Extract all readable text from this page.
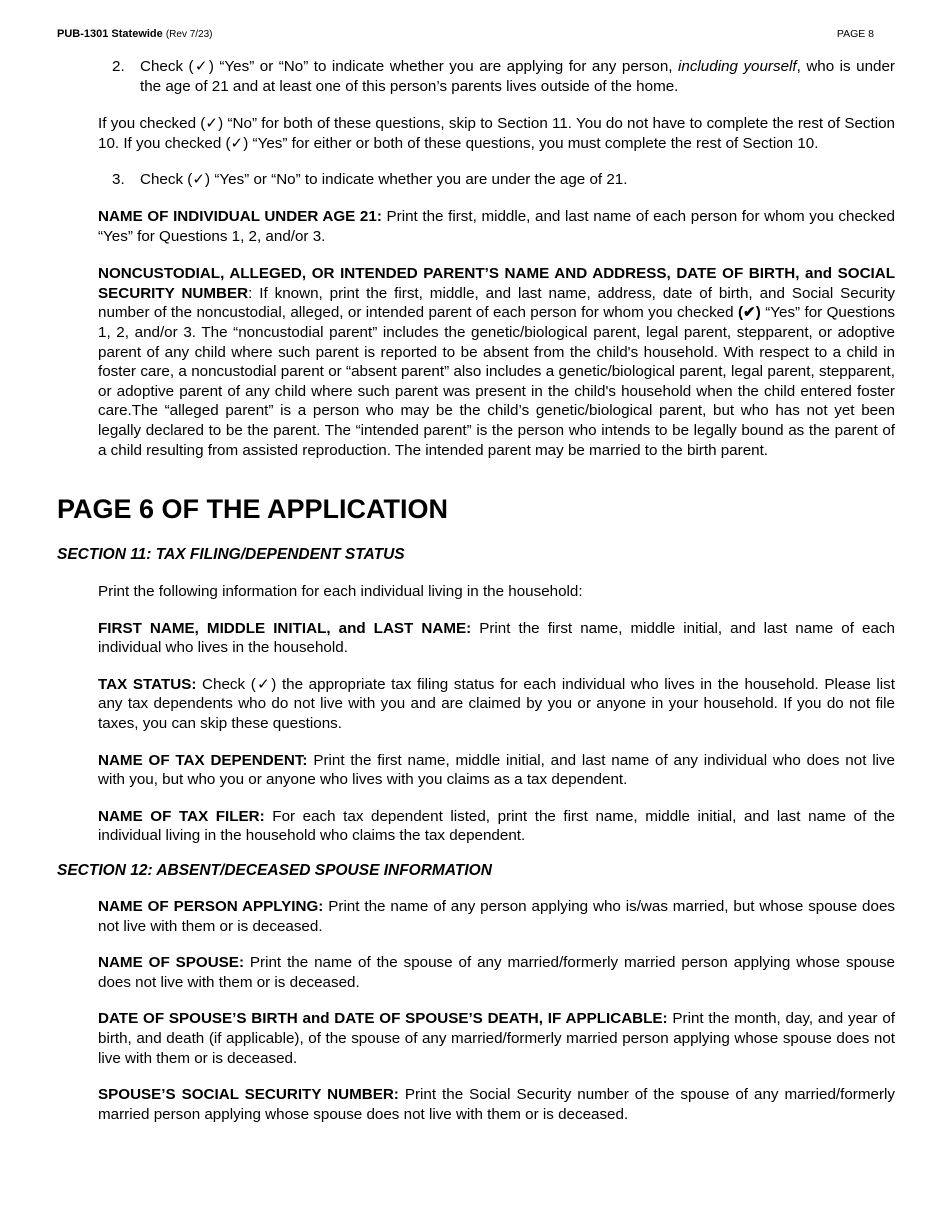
PUB-1301 Statewide (Rev 7/23)	PAGE 8
2.	Check (✓) “Yes” or “No” to indicate whether you are applying for any person, including yourself, who is under the age of 21 and at least one of this person’s parents lives outside of the home.

If you checked (✓) “No” for both of these questions, skip to Section 11. You do not have to complete the rest of Section 10. If you checked (✓) “Yes” for either or both of these questions, you must complete the rest of Section 10.

3.	Check (✓) “Yes” or “No” to indicate whether you are under the age of 21.

NAME OF INDIVIDUAL UNDER AGE 21: Print the first, middle, and last name of each person for whom you checked “Yes” for Questions 1, 2, and/or 3.

NONCUSTODIAL, ALLEGED, OR INTENDED PARENT’S NAME AND ADDRESS, DATE OF BIRTH, and SOCIAL SECURITY NUMBER: If known, print the first, middle, and last name, address, date of birth, and Social Security number of the noncustodial, alleged, or intended parent of each person for whom you checked (✔) “Yes” for Questions 1, 2, and/or 3. The “noncustodial parent” includes the genetic/biological parent, legal parent, stepparent, or adoptive parent of any child where such parent is reported to be absent from the child's household. With respect to a child in foster care, a noncustodial parent or “absent parent” also includes a genetic/biological parent, legal parent, stepparent, or adoptive parent of any child where such parent was present in the child's household when the child entered foster care.The “alleged parent” is a person who may be the child’s genetic/biological parent, but who has not yet been legally declared to be the parent. The “intended parent” is the person who intends to be legally bound as the parent of a child resulting from assisted reproduction. The intended parent may be married to the birth parent.

PAGE 6 OF THE APPLICATION
SECTION 11: TAX FILING/DEPENDENT STATUS

Print the following information for each individual living in the household:

FIRST NAME, MIDDLE INITIAL, and LAST NAME: Print the first name, middle initial, and last name of each individual who lives in the household.

TAX STATUS: Check (✓) the appropriate tax filing status for each individual who lives in the household. Please list any tax dependents who do not live with you and are claimed by you or anyone in your household. If you do not file taxes, you can skip these questions.

NAME OF TAX DEPENDENT: Print the first name, middle initial, and last name of any individual who does not live with you, but who you or anyone who lives with you claims as a tax dependent.

NAME OF TAX FILER: For each tax dependent listed, print the first name, middle initial, and last name of the individual living in the household who claims the tax dependent.

SECTION 12: ABSENT/DECEASED SPOUSE INFORMATION

NAME OF PERSON APPLYING: Print the name of any person applying who is/was married, but whose spouse does not live with them or is deceased.

NAME OF SPOUSE: Print the name of the spouse of any married/formerly married person applying whose spouse does not live with them or is deceased.

DATE OF SPOUSE’S BIRTH and DATE OF SPOUSE’S DEATH, IF APPLICABLE: Print the month, day, and year of birth, and death (if applicable), of the spouse of any married/formerly married person applying whose spouse does not live with them or is deceased.

SPOUSE’S SOCIAL SECURITY NUMBER: Print the Social Security number of the spouse of any married/formerly married person applying whose spouse does not live with them or is deceased.
